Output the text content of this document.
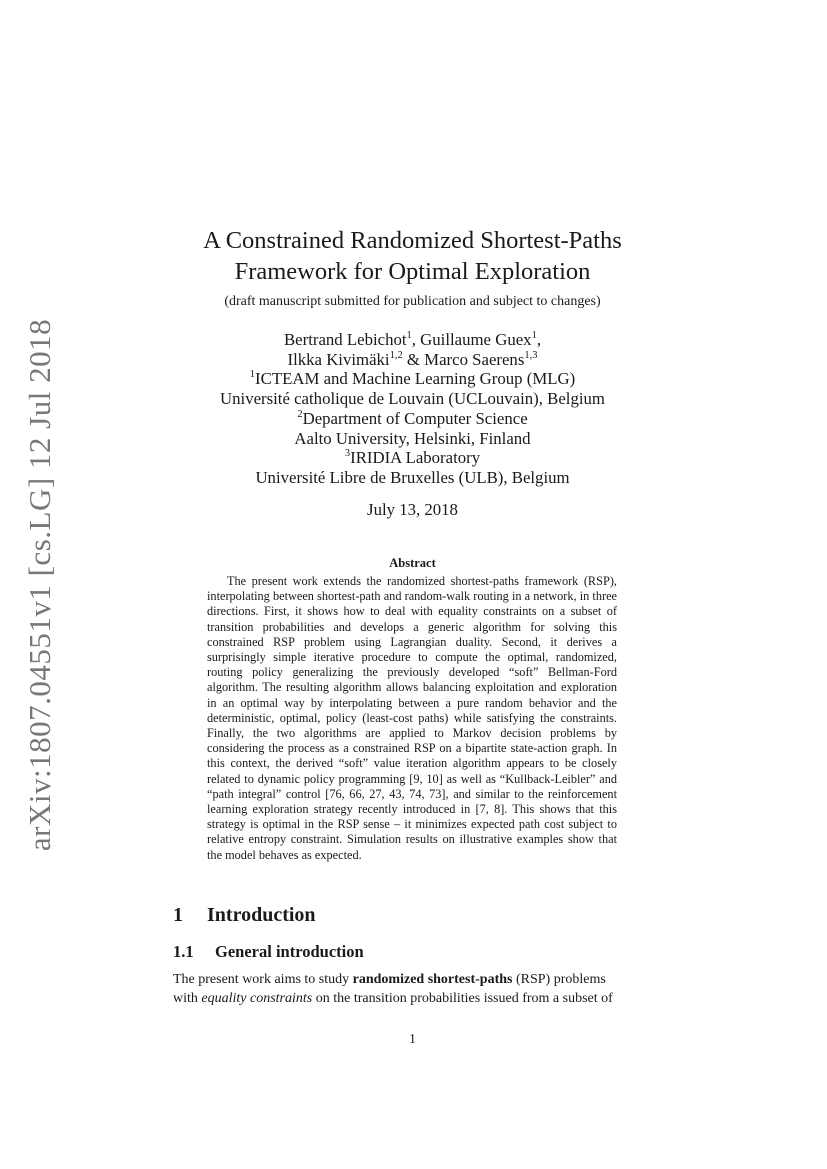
arXiv:1807.04551v1 [cs.LG] 12 Jul 2018
A Constrained Randomized Shortest-Paths
Framework for Optimal Exploration
(draft manuscript submitted for publication and subject to changes)
Bertrand Lebichot$^1$, Guillaume Guex$^1$,
Ilkka Kivimäki$^{1,2}$ & Marco Saerens$^{1,3}$
$^1$ICTEAM and Machine Learning Group (MLG)
Université catholique de Louvain (UCLouvain), Belgium
$^2$Department of Computer Science
Aalto University, Helsinki, Finland
$^3$IRIDIA Laboratory
Université Libre de Bruxelles (ULB), Belgium
July 13, 2018
Abstract
The present work extends the randomized shortest-paths framework (RSP), interpolating between shortest-path and random-walk routing in a network, in three directions. First, it shows how to deal with equality constraints on a subset of transition probabilities and develops a generic algorithm for solving this constrained RSP problem using Lagrangian duality. Second, it derives a surprisingly simple iterative procedure to compute the optimal, randomized, routing policy generalizing the previously developed “soft” Bellman-Ford algorithm. The resulting algorithm allows balancing exploitation and exploration in an optimal way by interpolating between a pure random behavior and the deterministic, optimal, policy (least-cost paths) while satisfying the constraints. Finally, the two algorithms are applied to Markov decision problems by considering the process as a constrained RSP on a bipartite state-action graph. In this context, the derived “soft” value iteration algorithm appears to be closely related to dynamic policy programming [9, 10] as well as “Kullback-Leibler” and “path integral” control [76, 66, 27, 43, 74, 73], and similar to the reinforcement learning exploration strategy recently introduced in [7, 8]. This shows that this strategy is optimal in the RSP sense – it minimizes expected path cost subject to relative entropy constraint. Simulation results on illustrative examples show that the model behaves as expected.
1 Introduction
1.1 General introduction
The present work aims to study randomized shortest-paths (RSP) problems
with equality constraints on the transition probabilities issued from a subset of
1
